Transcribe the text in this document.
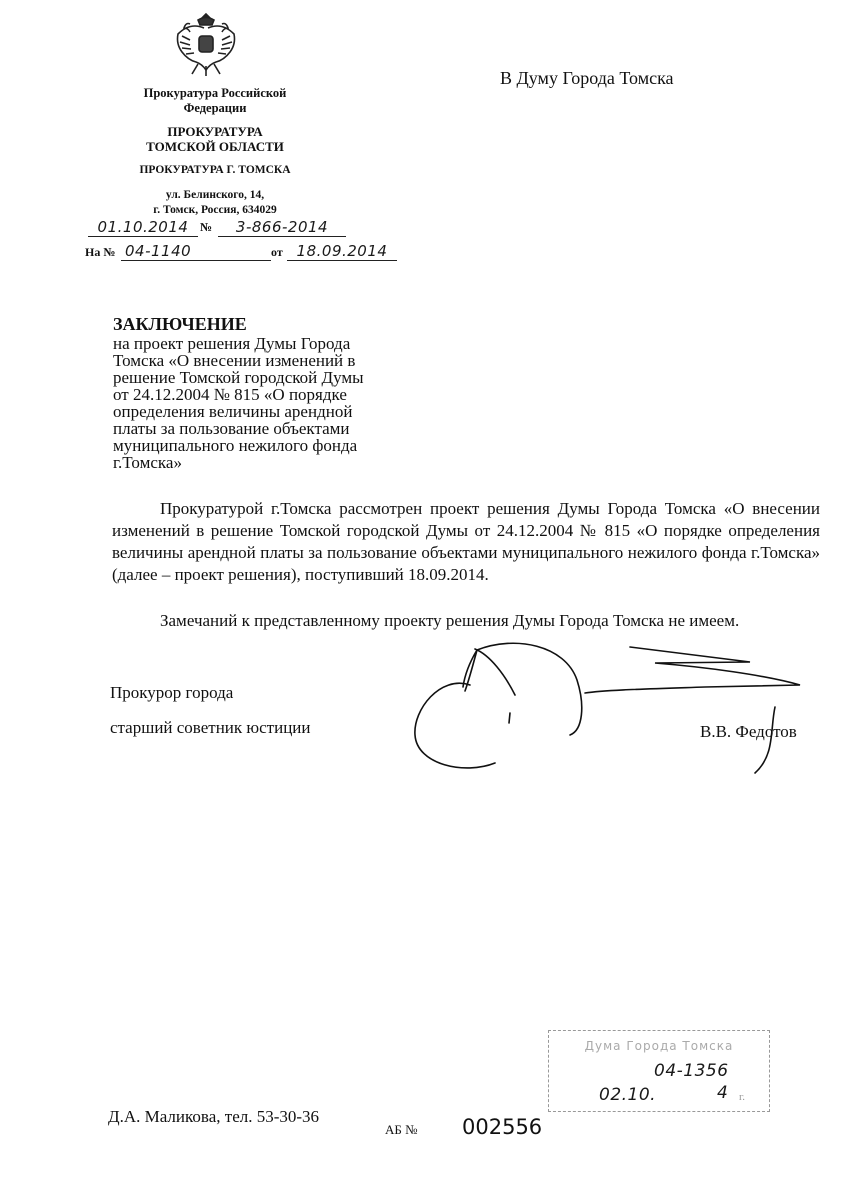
Прокуратура Российской
Федерации
ПРОКУРАТУРА
ТОМСКОЙ ОБЛАСТИ
ПРОКУРАТУРА Г. ТОМСКА
ул. Белинского, 14,
г. Томск, Россия, 634029
01.10.2014 №	3-866-2014
На № 04-1140	от 18.09.2014
В Думу Города Томска
ЗАКЛЮЧЕНИЕ
на проект решения Думы Города
Томска «О внесении изменений в
решение Томской городской Думы
от 24.12.2004 № 815 «О порядке
определения величины арендной
платы за пользование объектами
муниципального нежилого фонда
г.Томска»
Прокуратурой г.Томска рассмотрен проект решения Думы Города Томска «О внесении изменений в решение Томской городской Думы от 24.12.2004 № 815 «О порядке определения величины арендной платы за пользование объектами муниципального нежилого фонда г.Томска» (далее – проект решения), поступивший 18.09.2014.
Замечаний к представленному проекту решения Думы Города Томска не имеем.
Прокурор города
старший советник юстиции	В.В. Федотов
Дума Города Томска
04-1356
02.10.	4 г.
Д.А. Маликова, тел. 53-30-36
АБ № 002556
